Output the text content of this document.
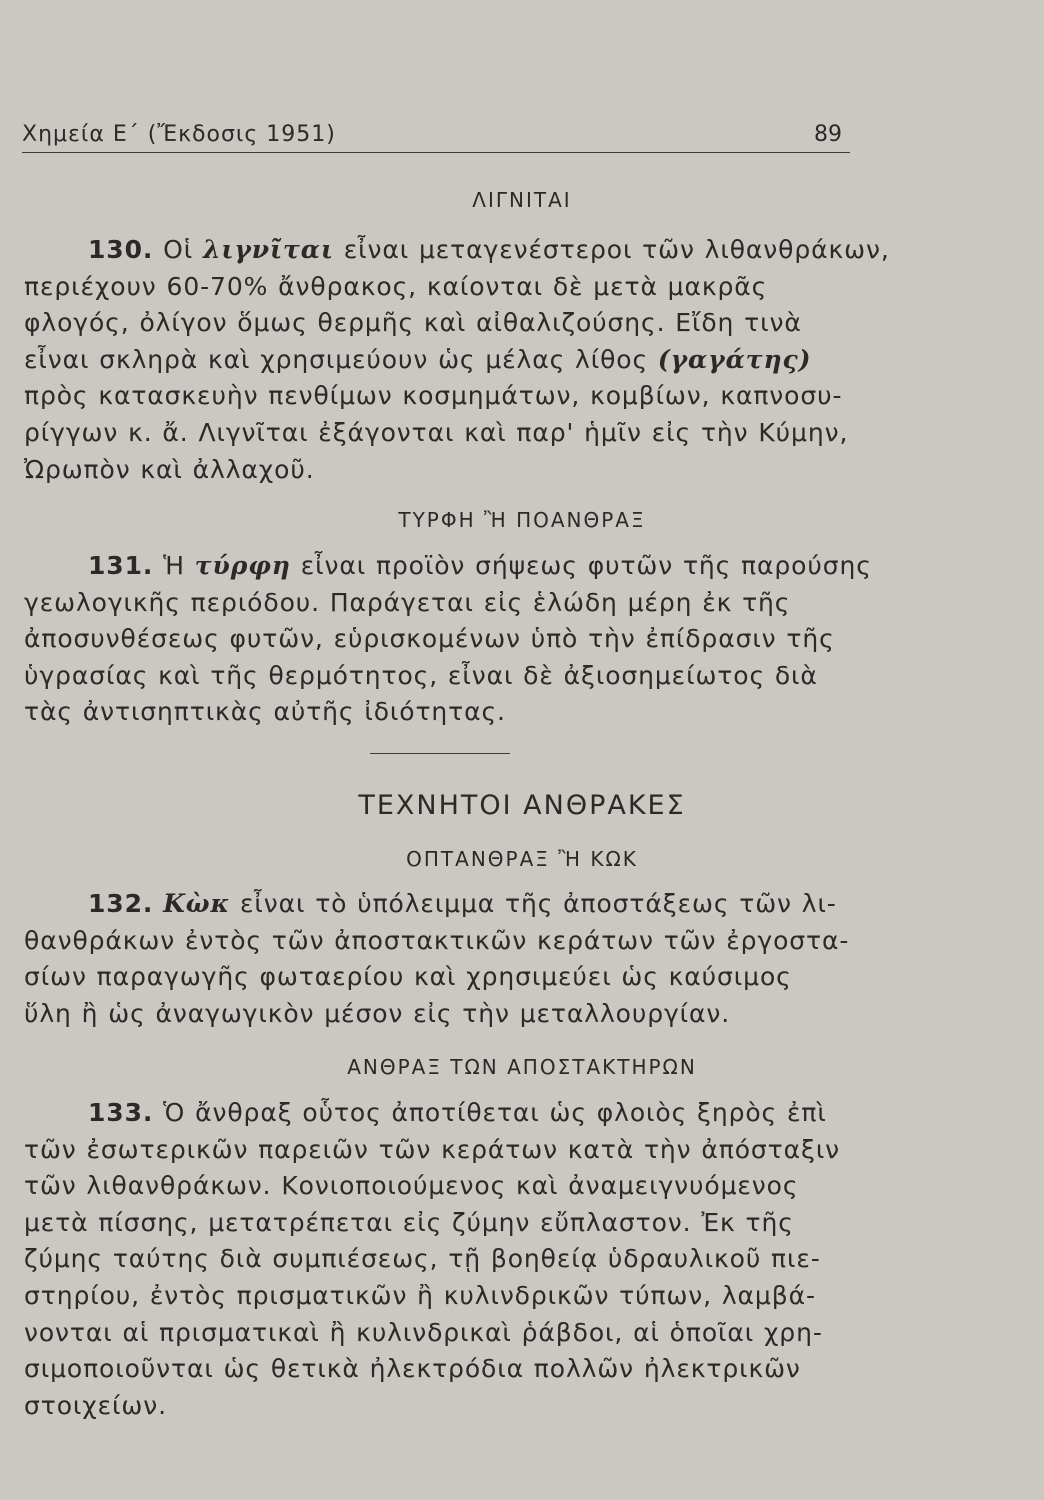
Χημεία Ε΄ (Ἔκδοσις 1951)	89
ΛΙΓΝΙΤΑΙ
130. Οἱ λιγνῖται εἶναι μεταγενέστεροι τῶν λιθανθράκων,
περιέχουν 60-70% ἄνθρακος, καίονται δὲ μετὰ μακρᾶς
φλογός, ὀλίγον ὅμως θερμῆς καὶ αἰθαλιζούσης. Εἴδη τινὰ
εἶναι σκληρὰ καὶ χρησιμεύουν ὡς μέλας λίθος (γαγάτης)
πρὸς κατασκευὴν πενθίμων κοσμημάτων, κομβίων, καπνοσυ-
ρίγγων κ. ἄ. Λιγνῖται ἐξάγονται καὶ παρ' ἡμῖν εἰς τὴν Κύμην,
Ὠρωπὸν καὶ ἀλλαχοῦ.
ΤΥΡΦΗ Ἢ ΠΟΑΝΘΡΑΞ
131. Ἡ τύρφη εἶναι προϊὸν σήψεως φυτῶν τῆς παρούσης
γεωλογικῆς περιόδου. Παράγεται εἰς ἑλώδη μέρη ἐκ τῆς
ἀποσυνθέσεως φυτῶν, εὑρισκομένων ὑπὸ τὴν ἐπίδρασιν τῆς
ὑγρασίας καὶ τῆς θερμότητος, εἶναι δὲ ἀξιοσημείωτος διὰ
τὰς ἀντισηπτικὰς αὐτῆς ἰδιότητας.
ΤΕΧΝΗΤΟΙ ΑΝΘΡΑΚΕΣ
ΟΠΤΑΝΘΡΑΞ Ἢ ΚΩΚ
132. Κὼκ εἶναι τὸ ὑπόλειμμα τῆς ἀποστάξεως τῶν λι-
θανθράκων ἐντὸς τῶν ἀποστακτικῶν κεράτων τῶν ἐργοστα-
σίων παραγωγῆς φωταερίου καὶ χρησιμεύει ὡς καύσιμος
ὕλη ἢ ὡς ἀναγωγικὸν μέσον εἰς τὴν μεταλλουργίαν.
ΑΝΘΡΑΞ ΤΩΝ ΑΠΟΣΤΑΚΤΗΡΩΝ
133. Ὁ ἄνθραξ οὗτος ἀποτίθεται ὡς φλοιὸς ξηρὸς ἐπὶ
τῶν ἐσωτερικῶν παρειῶν τῶν κεράτων κατὰ τὴν ἀπόσταξιν
τῶν λιθανθράκων. Κονιοποιούμενος καὶ ἀναμειγνυόμενος
μετὰ πίσσης, μετατρέπεται εἰς ζύμην εὔπλαστον. Ἐκ τῆς
ζύμης ταύτης διὰ συμπιέσεως, τῇ βοηθείᾳ ὑδραυλικοῦ πιε-
στηρίου, ἐντὸς πρισματικῶν ἢ κυλινδρικῶν τύπων, λαμβά-
νονται αἱ πρισματικαὶ ἢ κυλινδρικαὶ ῥάβδοι, αἱ ὁποῖαι χρη-
σιμοποιοῦνται ὡς θετικὰ ἠλεκτρόδια πολλῶν ἠλεκτρικῶν
στοιχείων.
